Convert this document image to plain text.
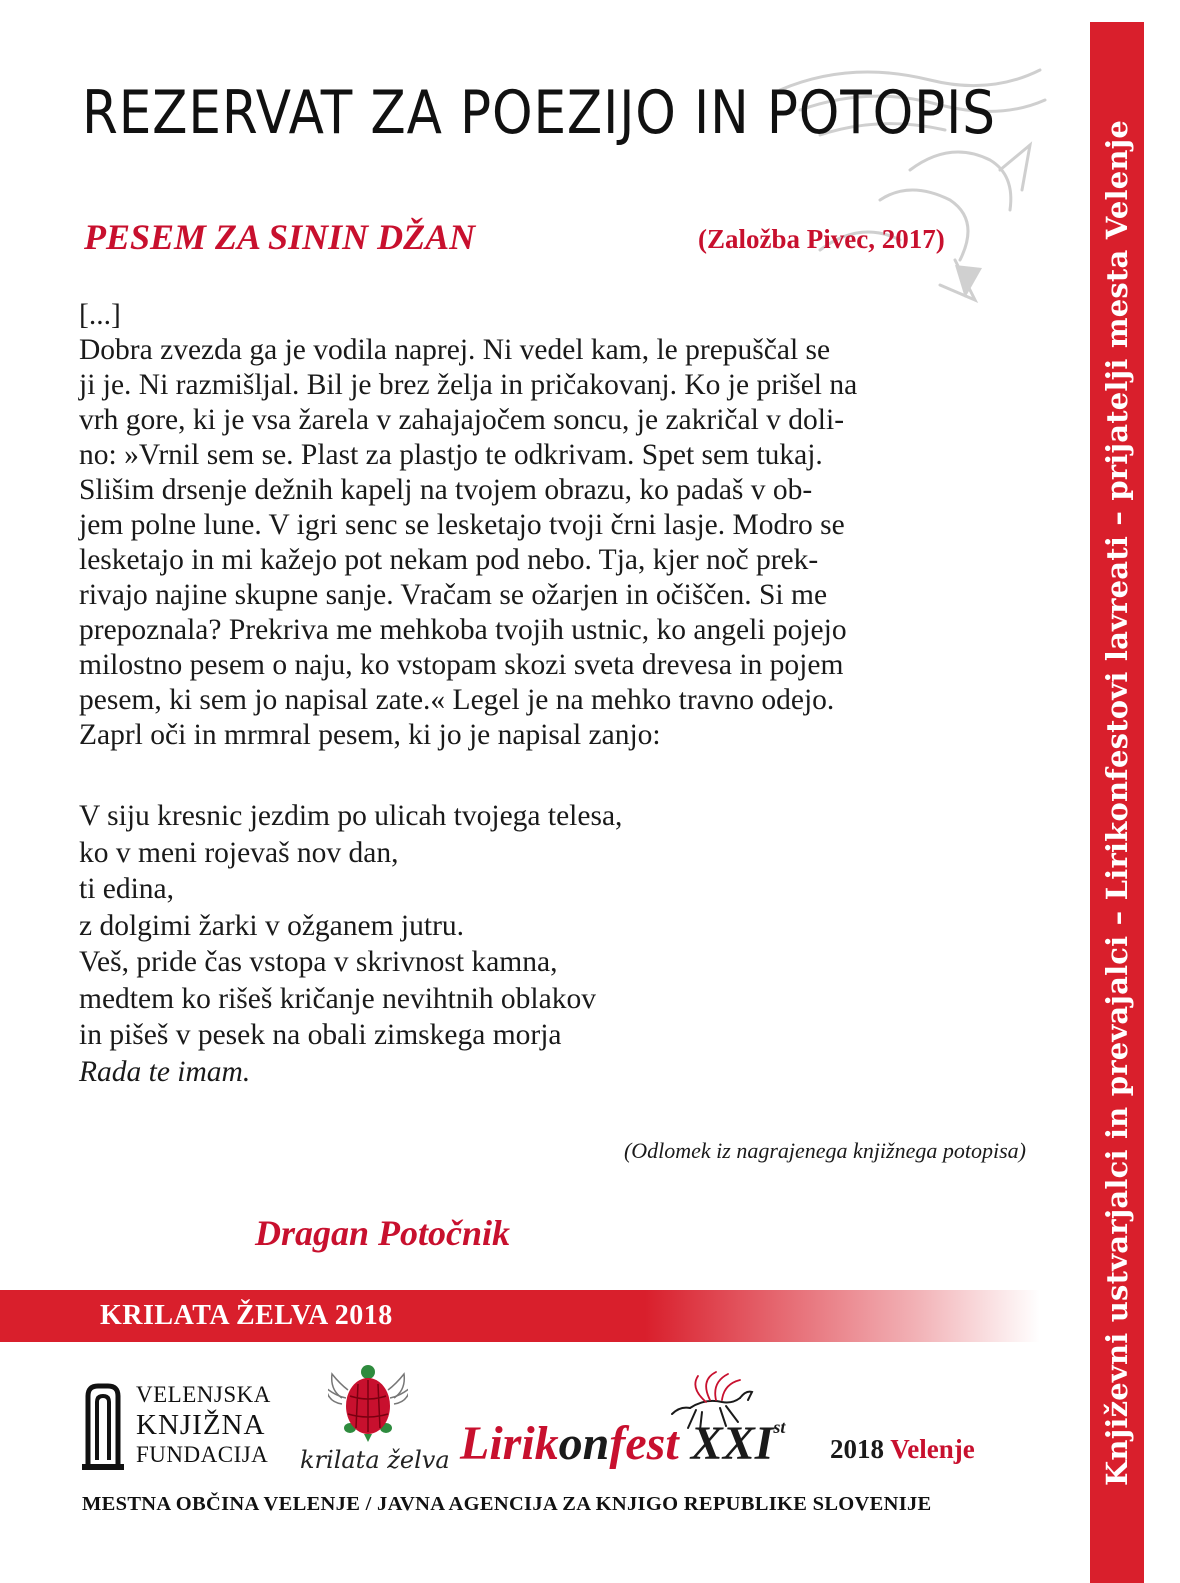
Književni ustvarjalci in prevajalci – Lirikonfestovi lavreati – prijatelji mesta Velenje
REZERVAT ZA POEZIJO IN POTOPIS
PESEM ZA SININ DŽAN	(Založba Pivec, 2017)
[...]
Dobra zvezda ga je vodila naprej. Ni vedel kam, le prepuščal se
ji je. Ni razmišljal. Bil je brez želja in pričakovanj. Ko je prišel na
vrh gore, ki je vsa žarela v zahajajočem soncu, je zakričal v doli-
no: »Vrnil sem se. Plast za plastjo te odkrivam. Spet sem tukaj.
Slišim drsenje dežnih kapelj na tvojem obrazu, ko padaš v ob-
jem polne lune. V igri senc se lesketajo tvoji črni lasje. Modro se
lesketajo in mi kažejo pot nekam pod nebo. Tja, kjer noč prek-
rivajo najine skupne sanje. Vračam se ožarjen in očiščen. Si me
prepoznala? Prekriva me mehkoba tvojih ustnic, ko angeli pojejo
milostno pesem o naju, ko vstopam skozi sveta drevesa in pojem
pesem, ki sem jo napisal zate.« Legel je na mehko travno odejo.
Zaprl oči in mrmral pesem, ki jo je napisal zanjo:
V siju kresnic jezdim po ulicah tvojega telesa,
ko v meni rojevaš nov dan,
ti edina,
z dolgimi žarki v ožganem jutru.
Veš, pride čas vstopa v skrivnost kamna,
medtem ko rišeš kričanje nevihtnih oblakov
in pišeš v pesek na obali zimskega morja
Rada te imam.
(Odlomek iz nagrajenega knjižnega potopisa)
Dragan Potočnik
KRILATA ŽELVA 2018
VELENJSKA
KNJIŽNA
FUNDACIJA krilata želva Lirikonfest XXIst
2018 Velenje
MESTNA OBČINA VELENJE / JAVNA AGENCIJA ZA KNJIGO REPUBLIKE SLOVENIJE
